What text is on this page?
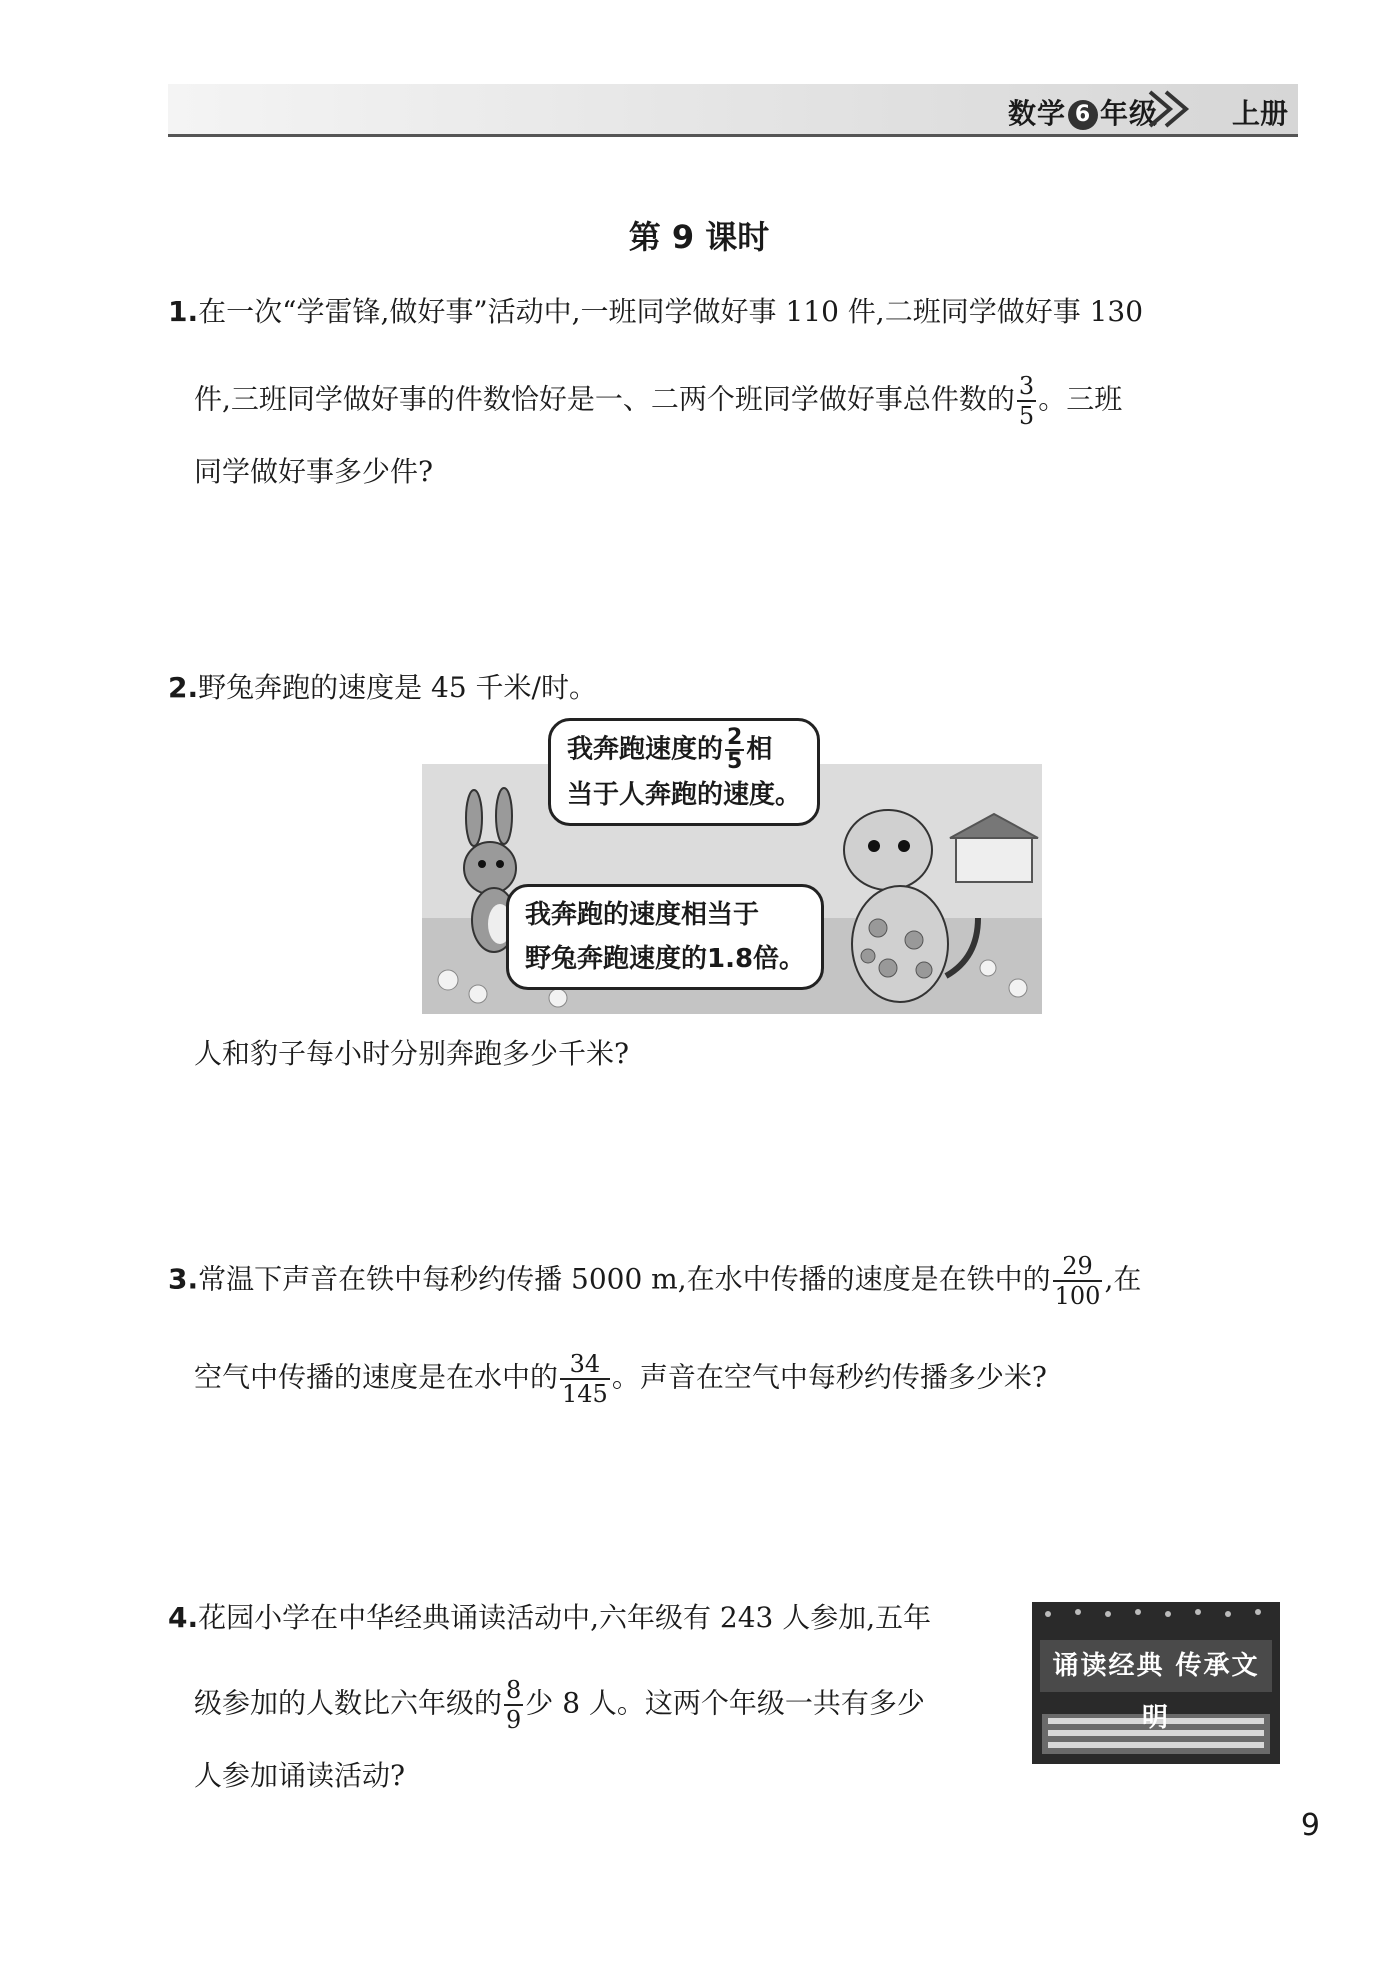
数学 6 年级	上册
第 9 课时
1.在一次“学雷锋,做好事”活动中,一班同学做好事 110 件,二班同学做好事 130
件,三班同学做好事的件数恰好是一、二两个班同学做好事总件数的 $\frac{3}{5}$ 。三班
同学做好事多少件?
2.野兔奔跑的速度是 45 千米/时。
我奔跑速度的 $\frac{2}{5}$ 相
当于人奔跑的速度。
我奔跑的速度相当于
野兔奔跑速度的1.8倍。
人和豹子每小时分别奔跑多少千米?
3.常温下声音在铁中每秒约传播 5000 m,在水中传播的速度是在铁中的 $\frac{29}{100}$ ,在
空气中传播的速度是在水中的 $\frac{34}{145}$ 。声音在空气中每秒约传播多少米?
4.花园小学在中华经典诵读活动中,六年级有 243 人参加,五年
级参加的人数比六年级的 $\frac{8}{9}$ 少 8 人。这两个年级一共有多少
人参加诵读活动?
诵读经典 传承文明
9
